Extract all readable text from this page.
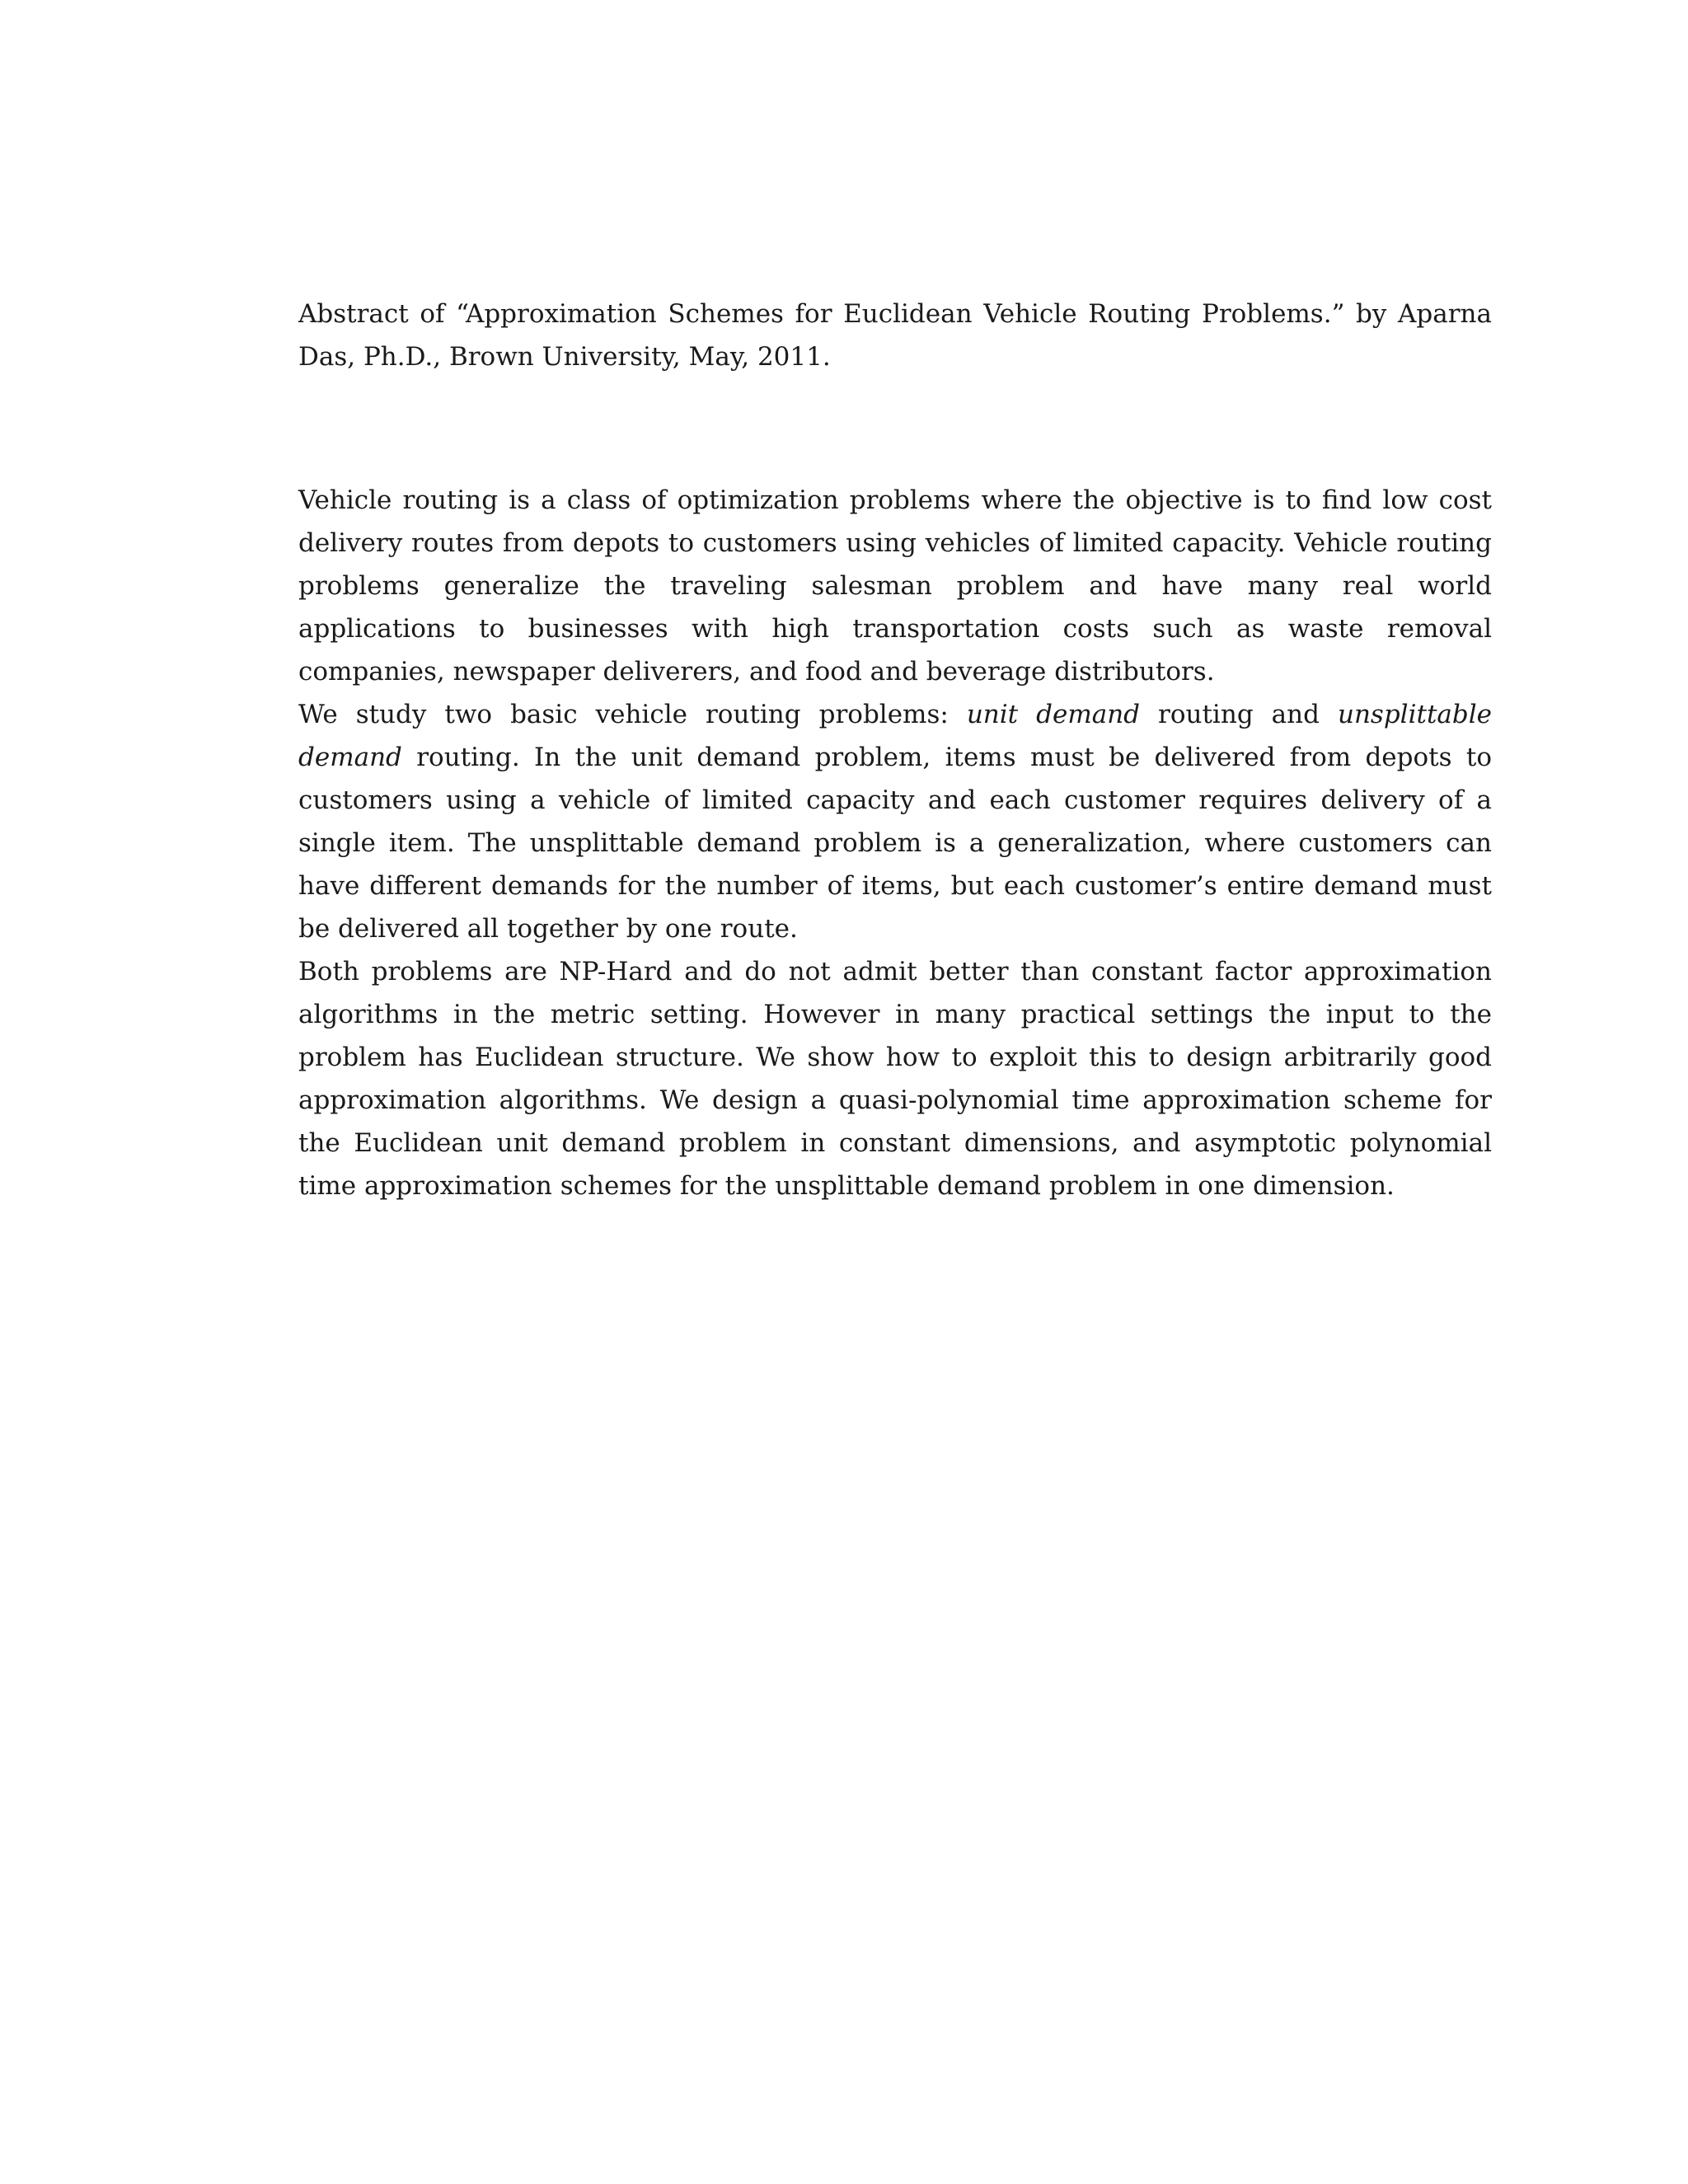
Abstract of “Approximation Schemes for Euclidean Vehicle Routing Problems.” by Aparna Das, Ph.D., Brown University, May, 2011.

Vehicle routing is a class of optimization problems where the objective is to find low cost delivery routes from depots to customers using vehicles of limited capacity. Vehicle routing problems generalize the traveling salesman problem and have many real world applications to businesses with high transportation costs such as waste removal companies, newspaper deliverers, and food and beverage distributors.

We study two basic vehicle routing problems: unit demand routing and unsplittable demand routing. In the unit demand problem, items must be delivered from depots to customers using a vehicle of limited capacity and each customer requires delivery of a single item. The unsplittable demand problem is a generalization, where customers can have different demands for the number of items, but each customer’s entire demand must be delivered all together by one route.

Both problems are NP-Hard and do not admit better than constant factor approximation algorithms in the metric setting. However in many practical settings the input to the problem has Euclidean structure. We show how to exploit this to design arbitrarily good approximation algorithms. We design a quasi-polynomial time approximation scheme for the Euclidean unit demand problem in constant dimensions, and asymptotic polynomial time approximation schemes for the unsplittable demand problem in one dimension.
